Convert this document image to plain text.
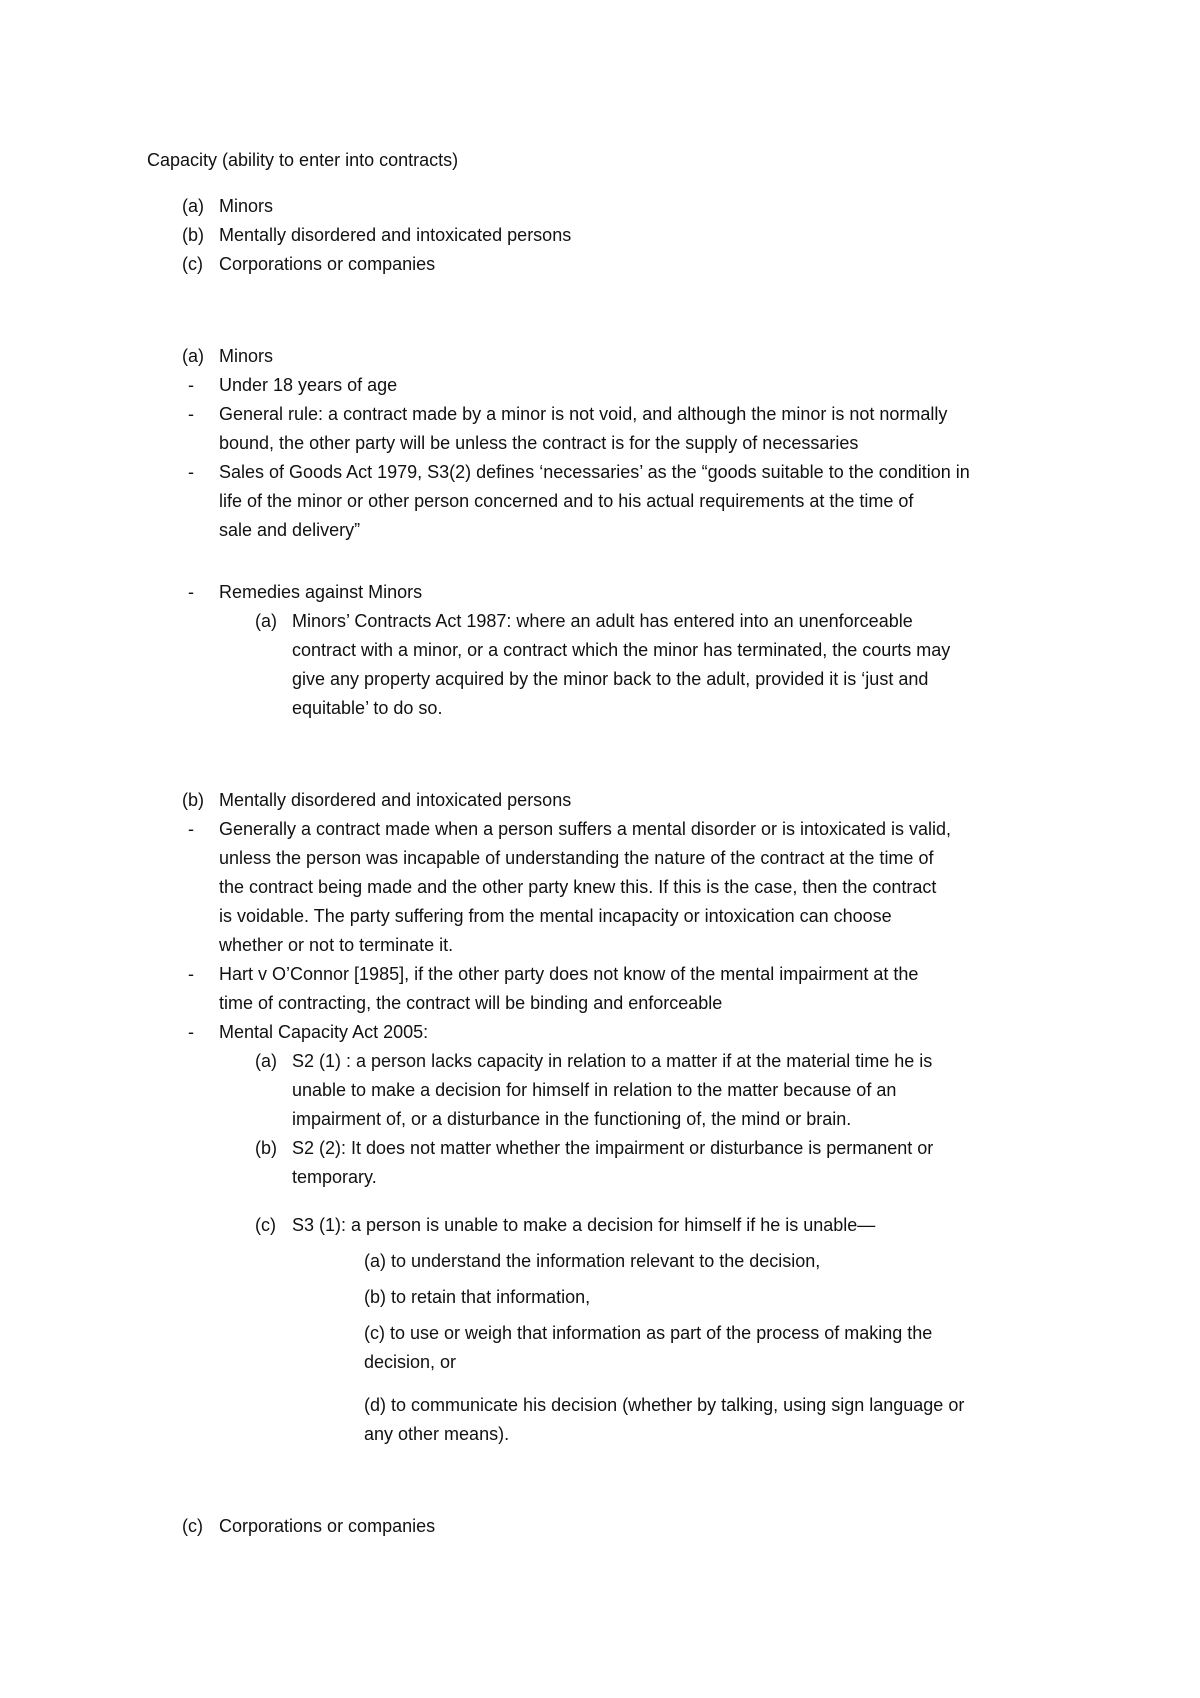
Capacity (ability to enter into contracts)
(a) Minors
(b) Mentally disordered and intoxicated persons
(c) Corporations or companies
(a) Minors
- Under 18 years of age
- General rule: a contract made by a minor is not void, and although the minor is not normally
bound, the other party will be unless the contract is for the supply of necessaries
- Sales of Goods Act 1979, S3(2) defines ‘necessaries’ as the “goods suitable to the condition in
life of the minor or other person concerned and to his actual requirements at the time of
sale and delivery”
- Remedies against Minors
(a) Minors’ Contracts Act 1987: where an adult has entered into an unenforceable
contract with a minor, or a contract which the minor has terminated, the courts may
give any property acquired by the minor back to the adult, provided it is ‘just and
equitable’ to do so.
(b) Mentally disordered and intoxicated persons
- Generally a contract made when a person suffers a mental disorder or is intoxicated is valid,
unless the person was incapable of understanding the nature of the contract at the time of
the contract being made and the other party knew this. If this is the case, then the contract
is voidable. The party suffering from the mental incapacity or intoxication can choose
whether or not to terminate it.
- Hart v O’Connor [1985], if the other party does not know of the mental impairment at the
time of contracting, the contract will be binding and enforceable
- Mental Capacity Act 2005:
(a) S2 (1) : a person lacks capacity in relation to a matter if at the material time he is
unable to make a decision for himself in relation to the matter because of an
impairment of, or a disturbance in the functioning of, the mind or brain.
(b) S2 (2): It does not matter whether the impairment or disturbance is permanent or
temporary.
(c) S3 (1): a person is unable to make a decision for himself if he is unable—
(a) to understand the information relevant to the decision,
(b) to retain that information,
(c) to use or weigh that information as part of the process of making the
decision, or
(d) to communicate his decision (whether by talking, using sign language or
any other means).
(c) Corporations or companies
